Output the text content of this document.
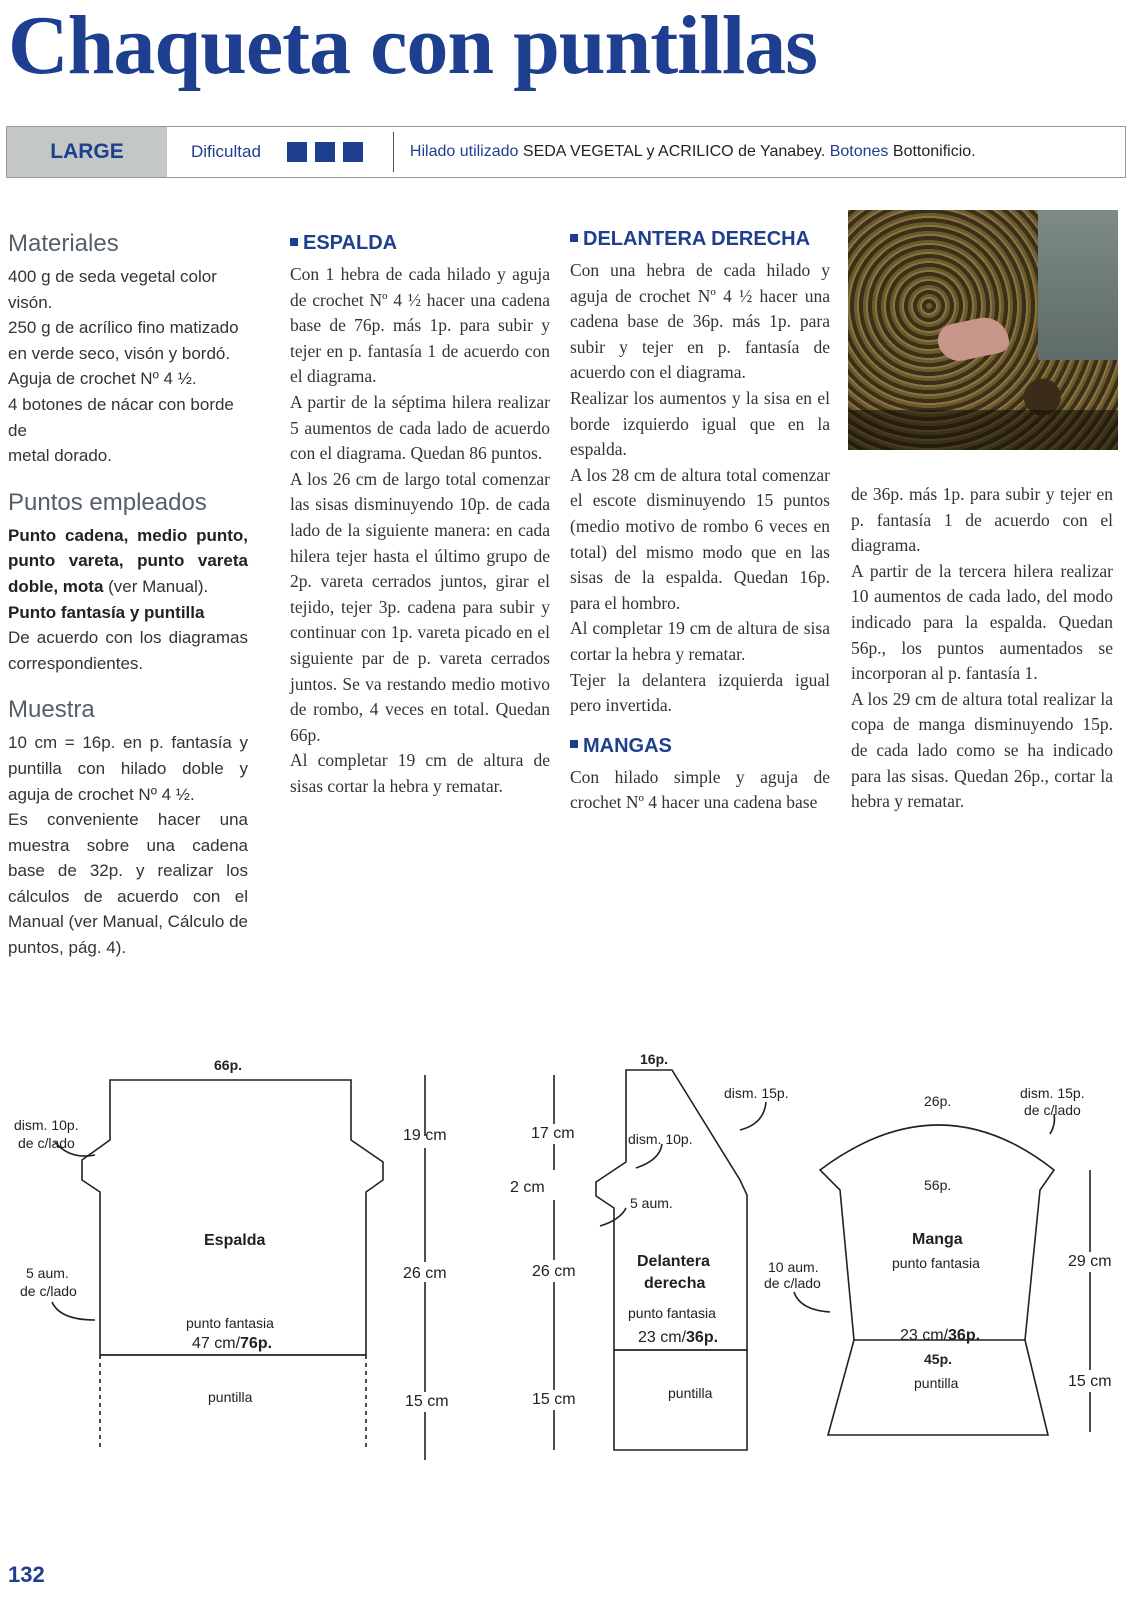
Chaqueta con puntillas
LARGE	Dificultad	Hilado utilizado SEDA VEGETAL y ACRILICO de Yanabey. Botones Bottonificio.
Materiales

400 g de seda vegetal color visón.

250 g de acrílico fino matizado

en verde seco, visón y bordó.

Aguja de crochet Nº 4 ½.

4 botones de nácar con borde de

metal dorado.

Puntos empleados

Punto cadena, medio punto, punto vareta, punto vareta doble, mota (ver Manual).

Punto fantasía y puntilla

De acuerdo con los diagramas correspondientes.

Muestra

10 cm = 16p. en p. fantasía y puntilla con hilado doble y aguja de crochet Nº 4 ½.

Es conveniente hacer una muestra sobre una cadena base de 32p. y realizar los cálculos de acuerdo con el Manual (ver Manual, Cálculo de puntos, pág. 4).

ESPALDA

Con 1 hebra de cada hilado y aguja de crochet Nº 4 ½ hacer una cadena base de 76p. más 1p. para subir y tejer en p. fantasía 1 de acuerdo con el diagrama.

A partir de la séptima hilera realizar 5 aumentos de cada lado de acuerdo con el diagrama. Quedan 86 puntos.

A los 26 cm de largo total comenzar las sisas disminuyendo 10p. de cada lado de la siguiente manera: en cada hilera tejer hasta el último grupo de 2p. vareta cerrados juntos, girar el tejido, tejer 3p. cadena para subir y continuar con 1p. vareta picado en el siguiente par de p. vareta cerrados juntos. Se va restando medio motivo de rombo, 4 veces en total. Quedan 66p.

Al completar 19 cm de altura de sisas cortar la hebra y rematar.

DELANTERA DERECHA

Con una hebra de cada hilado y aguja de crochet Nº 4 ½ hacer una cadena base de 36p. más 1p. para subir y tejer en p. fantasía de acuerdo con el diagrama.

Realizar los aumentos y la sisa en el borde izquierdo igual que en la espalda.

A los 28 cm de altura total comenzar el escote disminuyendo 15 puntos (medio motivo de rombo 6 veces en total) del mismo modo que en las sisas de la espalda. Quedan 16p. para el hombro.

Al completar 19 cm de altura de sisa cortar la hebra y rematar.

Tejer la delantera izquierda igual pero invertida.

MANGAS

Con hilado simple y aguja de crochet Nº 4 hacer una cadena base

de 36p. más 1p. para subir y tejer en p. fantasía 1 de acuerdo con el diagrama.

A partir de la tercera hilera realizar 10 aumentos de cada lado, del modo indicado para la espalda. Quedan 56p., los puntos aumentados se incorporan al p. fantasía 1.

A los 29 cm de altura total realizar la copa de manga disminuyendo 15p. de cada lado como se ha indicado para las sisas. Quedan 26p., cortar la hebra y rematar.

66p.
dism. 10p.
de c/lado
5 aum.
de c/lado
Espalda
punto fantasia
47 cm/76p.
puntilla
19 cm
26 cm
15 cm
16p.
dism. 15p.
dism. 10p.
5 aum.
Delantera
derecha
punto fantasia
23 cm/36p.
puntilla
17 cm
2 cm
26 cm
15 cm
26p.	dism. 15p.
de c/lado
56p.
10 aum.
de c/lado
Manga
punto fantasia
23 cm/36p.
45p.
puntilla
29 cm
15 cm
132
